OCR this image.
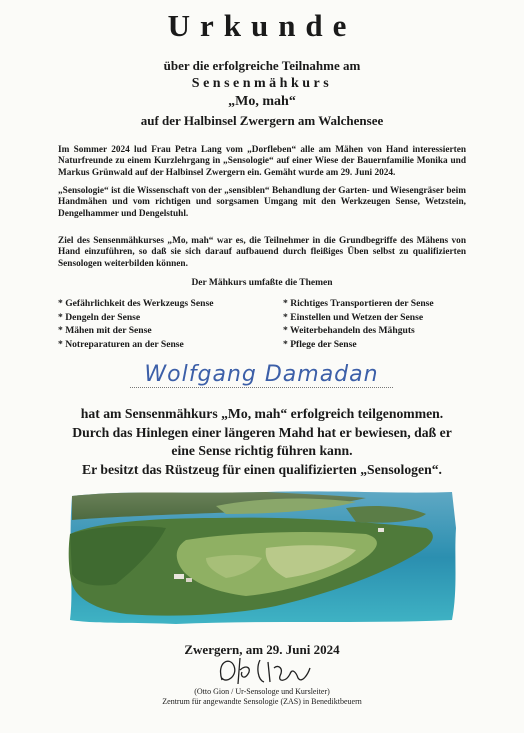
Urkunde
über die erfolgreiche Teilnahme am
Sensenmähkurs
„Mo, mah“
auf der Halbinsel Zwergern am Walchensee
Im Sommer 2024 lud Frau Petra Lang vom „Dorfleben“ alle am Mähen von Hand interessierten Naturfreunde zu einem Kurzlehrgang in „Sensologie“ auf einer Wiese der Bauernfamilie Monika und Markus Grünwald auf der Halbinsel Zwergern ein. Gemäht wurde am 29. Juni 2024.
„Sensologie“ ist die Wissenschaft von der „sensiblen“ Behandlung der Garten- und Wiesengräser beim Handmähen und vom richtigen und sorgsamen Umgang mit den Werkzeugen Sense, Wetzstein, Dengelhammer und Dengelstuhl.
Ziel des Sensenmähkurses „Mo, mah“ war es, die Teilnehmer in die Grundbegriffe des Mähens von Hand einzuführen, so daß sie sich darauf aufbauend durch fleißiges Üben selbst zu qualifizierten Sensologen weiterbilden können.
Der Mähkurs umfaßte die Themen
* Gefährlichkeit des Werkzeugs Sense
* Dengeln der Sense
* Mähen mit der Sense
* Notreparaturen an der Sense
* Richtiges Transportieren der Sense
* Einstellen und Wetzen der Sense
* Weiterbehandeln des Mähguts
* Pflege der Sense
Wolfgang Damadan
hat am Sensenmähkurs „Mo, mah“ erfolgreich teilgenommen.
Durch das Hinlegen einer längeren Mahd hat er bewiesen, daß er
eine Sense richtig führen kann.
Er besitzt das Rüstzeug für einen qualifizierten „Sensologen“.
Zwergern, am 29. Juni 2024
(Otto Gion / Ur-Sensologe und Kursleiter)
Zentrum für angewandte Sensologie (ZAS) in Benediktbeuern
